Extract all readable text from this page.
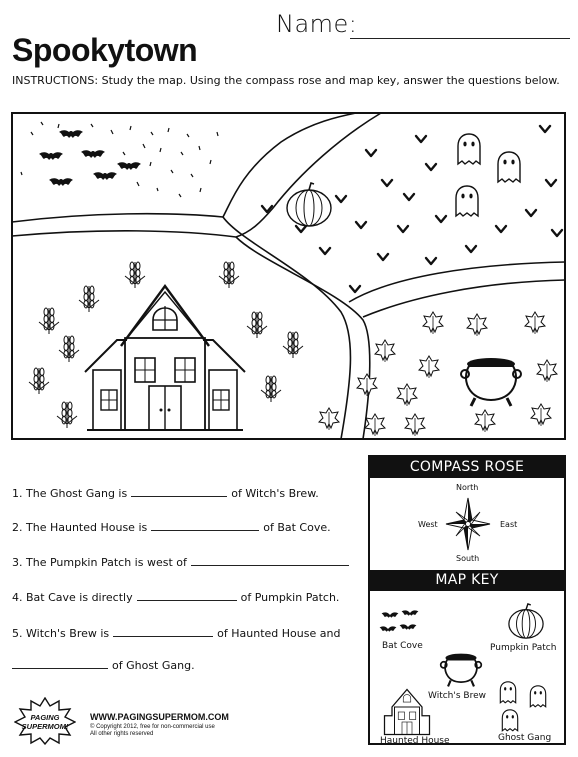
Name:
Spookytown
INSTRUCTIONS: Study the map. Using the compass rose and map key, answer the questions below.
1.
The Ghost Gang is	of Witch's Brew.
2.
The Haunted House is	of Bat Cove.
3.
The Pumpkin Patch is west of
4.
Bat Cave is directly	of Pumpkin Patch.
5.
Witch's Brew is	of Haunted House and
of Ghost Gang.
COMPASS ROSE
North
South
West	East
MAP KEY
Bat Cove	Pumpkin Patch
Witch's Brew
Haunted House	Ghost Gang
PAGING
SUPERMOM!
WWW.PAGINGSUPERMOM.COM
© Copyright 2012, free for non-commercial use
All other rights reserved
